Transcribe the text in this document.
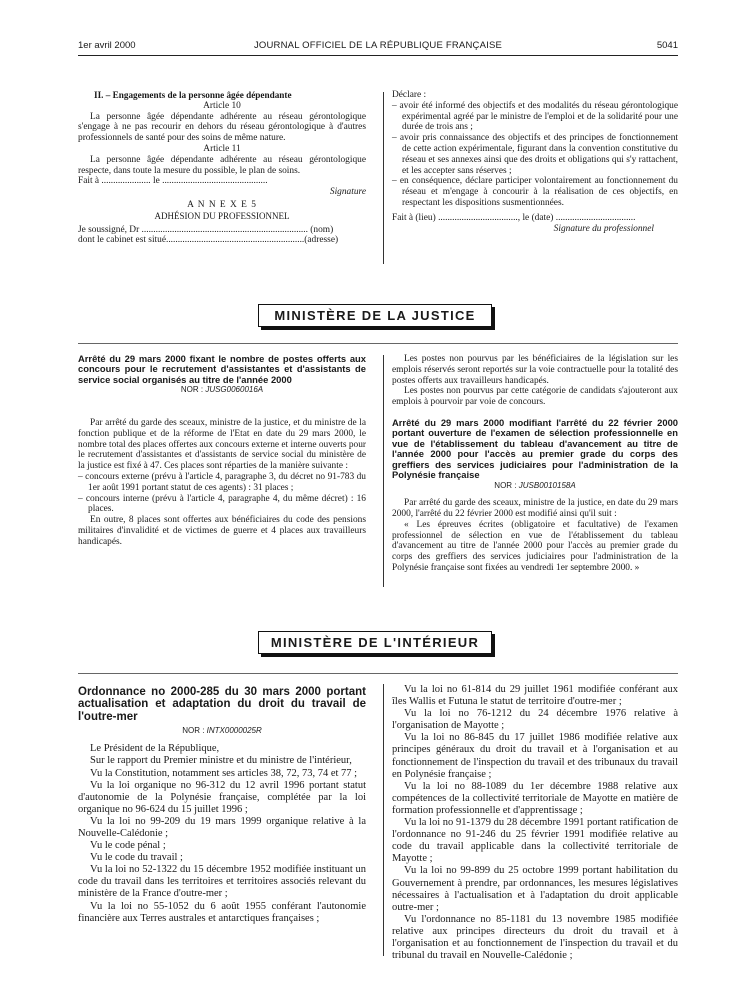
JOURNAL OFFICIEL DE LA RÉPUBLIQUE FRANÇAISE
1er avril 2000	5041

II. – Engagements de la personne âgée dépendante

Article 10

La personne âgée dépendante adhérente au réseau gérontologique s'engage à ne pas recourir en dehors du réseau gérontologique à d'autres professionnels de santé pour des soins de même nature.

Article 11

La personne âgée dépendante adhérente au réseau gérontologique respecte, dans toute la mesure du possible, le plan de soins.

Fait à ..................... le .............................................

Signature

A N N E X E 5

ADHÉSION DU PROFESSIONNEL

Je soussigné, Dr ....................................................................... (nom)

dont le cabinet est situé...........................................................(adresse)

Déclare :

– avoir été informé des objectifs et des modalités du réseau gérontologique expérimental agréé par le ministre de l'emploi et de la solidarité pour une durée de trois ans ;

– avoir pris connaissance des objectifs et des principes de fonctionnement de cette action expérimentale, figurant dans la convention constitutive du réseau et ses annexes ainsi que des droits et obligations qui s'y rattachent, et les accepter sans réserves ;

– en conséquence, déclare participer volontairement au fonctionnement du réseau et m'engage à concourir à la réalisation de ces objectifs, en respectant les dispositions susmentionnées.

Fait à (lieu) .................................., le (date) ..................................

Signature du professionnel

MINISTÈRE DE LA JUSTICE

Arrêté du 29 mars 2000 fixant le nombre de postes offerts aux concours pour le recrutement d'assistantes et d'assistants de service social organisés au titre de l'année 2000

NOR : JUSG0060016A

Par arrêté du garde des sceaux, ministre de la justice, et du ministre de la fonction publique et de la réforme de l'Etat en date du 29 mars 2000, le nombre total des places offertes aux concours externe et interne ouverts pour le recrutement d'assistantes et d'assistants de service social du ministère de la justice est fixé à 47. Ces places sont réparties de la manière suivante :

– concours externe (prévu à l'article 4, paragraphe 3, du décret no 91-783 du 1er août 1991 portant statut de ces agents) : 31 places ;

– concours interne (prévu à l'article 4, paragraphe 4, du même décret) : 16 places.

En outre, 8 places sont offertes aux bénéficiaires du code des pensions militaires d'invalidité et de victimes de guerre et 4 places aux travailleurs handicapés.

Les postes non pourvus par les bénéficiaires de la législation sur les emplois réservés seront reportés sur la voie contractuelle pour la totalité des postes offerts aux travailleurs handicapés.

Les postes non pourvus par cette catégorie de candidats s'ajouteront aux emplois à pourvoir par voie de concours.

Arrêté du 29 mars 2000 modifiant l'arrêté du 22 février 2000 portant ouverture de l'examen de sélection professionnelle en vue de l'établissement du tableau d'avancement au titre de l'année 2000 pour l'accès au premier grade du corps des greffiers des services judiciaires pour l'administration de la Polynésie française

NOR : JUSB0010158A

Par arrêté du garde des sceaux, ministre de la justice, en date du 29 mars 2000, l'arrêté du 22 février 2000 est modifié ainsi qu'il suit :

« Les épreuves écrites (obligatoire et facultative) de l'examen professionnel de sélection en vue de l'établissement du tableau d'avancement au titre de l'année 2000 pour l'accès au premier grade du corps des greffiers des services judiciaires pour l'administration de la Polynésie française sont fixées au vendredi 1er septembre 2000. »

MINISTÈRE DE L'INTÉRIEUR

Ordonnance no 2000-285 du 30 mars 2000 portant actualisation et adaptation du droit du travail de l'outre-mer

NOR : INTX0000025R

Le Président de la République,

Sur le rapport du Premier ministre et du ministre de l'intérieur,

Vu la Constitution, notamment ses articles 38, 72, 73, 74 et 77 ;

Vu la loi organique no 96-312 du 12 avril 1996 portant statut d'autonomie de la Polynésie française, complétée par la loi organique no 96-624 du 15 juillet 1996 ;

Vu la loi no 99-209 du 19 mars 1999 organique relative à la Nouvelle-Calédonie ;

Vu le code pénal ;

Vu le code du travail ;

Vu la loi no 52-1322 du 15 décembre 1952 modifiée instituant un code du travail dans les territoires et territoires associés relevant du ministère de la France d'outre-mer ;

Vu la loi no 55-1052 du 6 août 1955 conférant l'autonomie financière aux Terres australes et antarctiques françaises ;

Vu la loi no 61-814 du 29 juillet 1961 modifiée conférant aux îles Wallis et Futuna le statut de territoire d'outre-mer ;

Vu la loi no 76-1212 du 24 décembre 1976 relative à l'organisation de Mayotte ;

Vu la loi no 86-845 du 17 juillet 1986 modifiée relative aux principes généraux du droit du travail et à l'organisation et au fonctionnement de l'inspection du travail et des tribunaux du travail en Polynésie française ;

Vu la loi no 88-1089 du 1er décembre 1988 relative aux compétences de la collectivité territoriale de Mayotte en matière de formation professionnelle et d'apprentissage ;

Vu la loi no 91-1379 du 28 décembre 1991 portant ratification de l'ordonnance no 91-246 du 25 février 1991 modifiée relative au code du travail applicable dans la collectivité territoriale de Mayotte ;

Vu la loi no 99-899 du 25 octobre 1999 portant habilitation du Gouvernement à prendre, par ordonnances, les mesures législatives nécessaires à l'actualisation et à l'adaptation du droit applicable outre-mer ;

Vu l'ordonnance no 85-1181 du 13 novembre 1985 modifiée relative aux principes directeurs du droit du travail et à l'organisation et au fonctionnement de l'inspection du travail et du tribunal du travail en Nouvelle-Calédonie ;
